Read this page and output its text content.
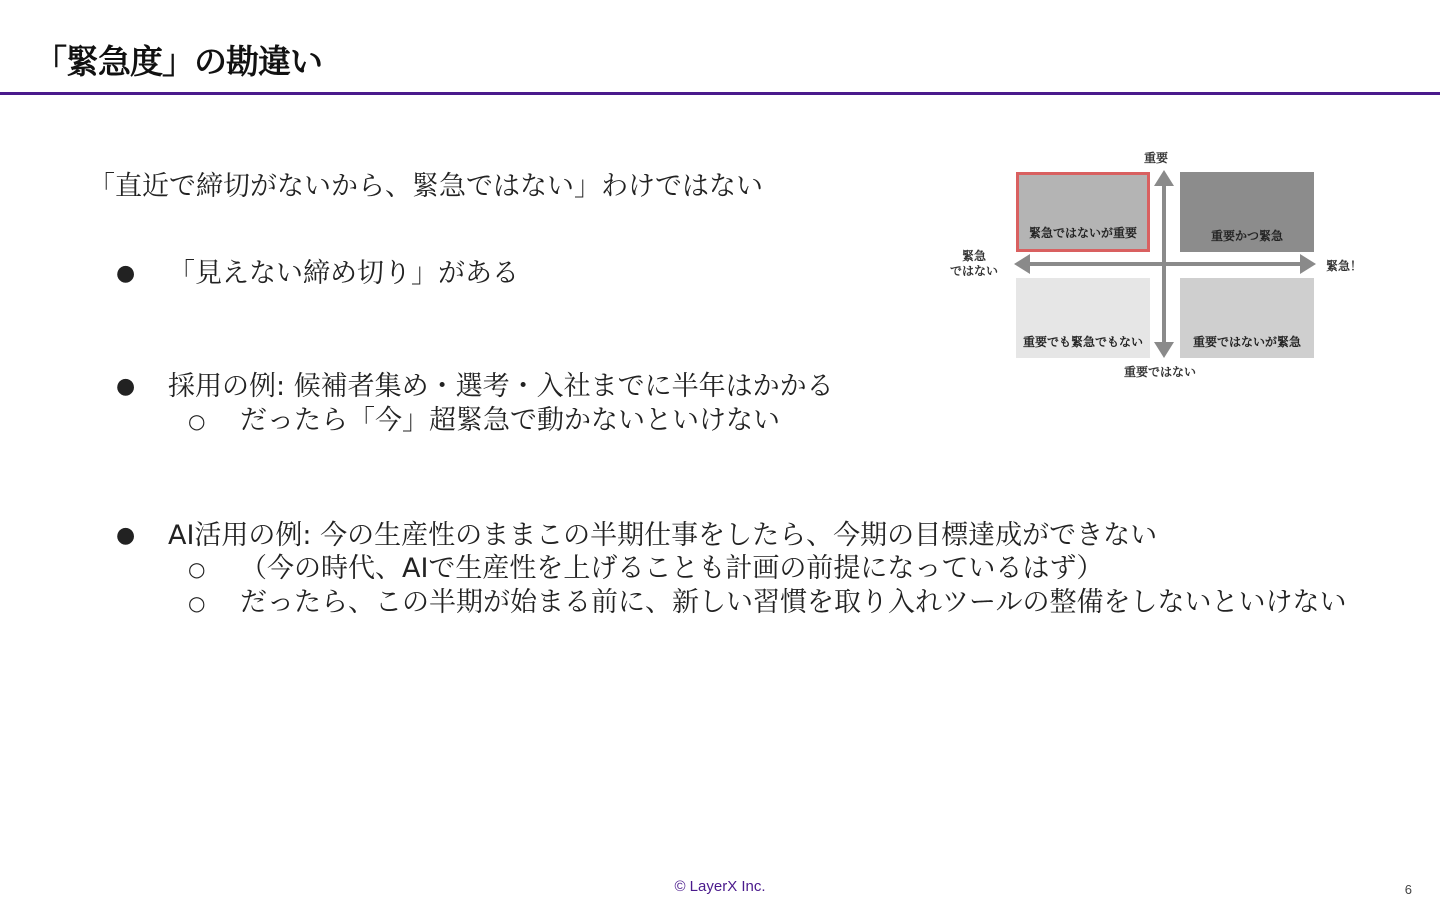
「緊急度」の勘違い
「直近で締切がないから、緊急ではない」わけではない
● 「見えない締め切り」がある
● 採用の例: 候補者集め・選考・入社までに半年はかかる
○ だったら「今」超緊急で動かないといけない
● AI活用の例: 今の生産性のままこの半期仕事をしたら、今期の目標達成ができない
○ （今の時代、AIで生産性を上げることも計画の前提になっているはず）
○ だったら、この半期が始まる前に、新しい習慣を取り入れツールの整備をしないといけない
緊急ではないが重要	重要かつ緊急
重要でも緊急でもない	重要ではないが緊急
重要
重要ではない
緊急
ではない	緊急！
© LayerX Inc.	6
